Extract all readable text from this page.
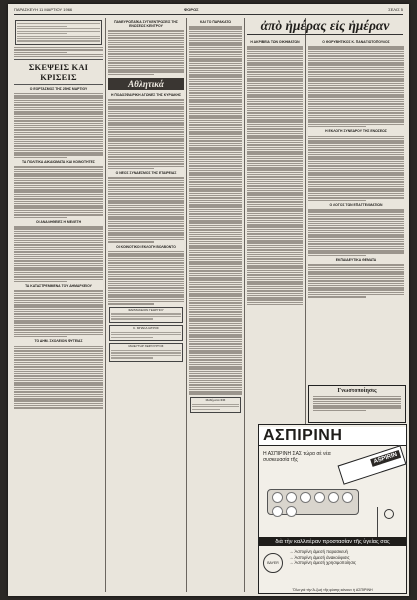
ΠΑΡΑΣΚΕΥΗ 11 ΜΑΡΤΙΟΥ 1966	ΦΟΡΟΣ	ΣΕΛΙΣ 5
ΣΚΕΨΕΙΣ ΚΑΙ ΚΡΙΣΕΙΣ
Ο ΕΟΡΤΑΣΜΟΣ ΤΗΣ 25ΗΣ ΜΑΡΤΙΟΥ
ΤΑ ΠΟΛΙΤΙΚΑ ΔΙΚΑΙΩΜΑΤΑ ΚΑΙ ΚΟΙΝΟΤΗΤΕΣ
ΟΙ ΑΝΑΛΗΘΕΙΕΣ Η ΜΕΛΕΤΗ
ΤΑ ΚΑΤΑΣΤΡΕΜΜΕΝΑ ΤΟΥ ΔΗΜΑΡΧΕΙΟΥ
ΤΟ ΔΗΜ. ΣΧΟΛΕΙΟΝ ΦΥΤΕΙΑΣ
ΠΑΝΕΥΡΩΠΑΪΚΑ ΣΥΓΚΕΝΤΡΩΣΕΙΣ ΤΗΣ ΕΝΩΣΕΩΣ ΚΕΝΤΡΟΥ
Αθλητικά
Η ΠΟΔΟΣΦΑΙΡΙΚΗ ΑΓΩΝΕΣ ΤΗΣ ΚΥΡΙΑΚΗΣ
Ο ΝΕΟΣ ΣΥΝΔΕΣΜΟΣ ΤΗΣ ΕΤΑΙΡΕΙΑΣ
ΟΙ ΚΟΙΝΟΤΙΚΟΙ ΕΚΛΟΓΗ ΒΟΛΒΟΝΤΟ
ΦΑΡΜΑΚΕΙΟΝ ΓΕΩΡΓΙΟΥ
Κ. ΜΠΑΚΑ ΙΑΤΡΟΣ
ΜΑΙΕΥΤΗΡ ΧΕΙΡΟΥΡΓΟΣ
ΚΑΙ ΤΟ ΠΑΡΑΚΑΤΩ
Μαθήματα ΦΙΣ
ἀπὸ ἡμέρας εἰς ἡμέραν
Η ΑΚΡΙΒΕΙΑ ΤΩΝ ΟΙΚΗΜΑΤΩΝ	Ο ΘΟΡΥΒΗΤΙΚΟΣ Κ. ΠΑΝΑΓΙΩΤΟΠΟΥΛΟΣ
Η ΕΚΛΟΓΗ ΣΥΝΕΔΡΟΥ ΤΗΣ ΕΝΩΣΕΩΣ
Ο ΛΟΓΟΣ ΤΩΝ ΕΠΑΓΓΕΛΜΑΤΙΩΝ
ΕΚΠΑΙΔΕΥΤΙΚΑ ΘΕΜΑΤΑ
Γνωστοποίησις
ΑΣΠΙΡΙΝΗ
Η ΑΣΠΙΡΙΝΗ ΣΑΣ τώρα σὲ νέα συσκευασία τῆς	ASPIRIN
διὰ τὴν καλλιτέραν προστασίαν τῆς ὑγείας σας
BAYER
→ Ἀσπιρίνη ἀμεσή παρασκευή
→ Ἀσπιρίνη ἀμεσή ἀνακούφισις
→ Ἀσπιρίνη ἀμεσή χρησιμοποίησις
Ὅλα γιὰ τὴν Ἀ-ζωὴ τῆς φύσης κάνουν ἡ ΑΣΠΙΡΙΝΗ
